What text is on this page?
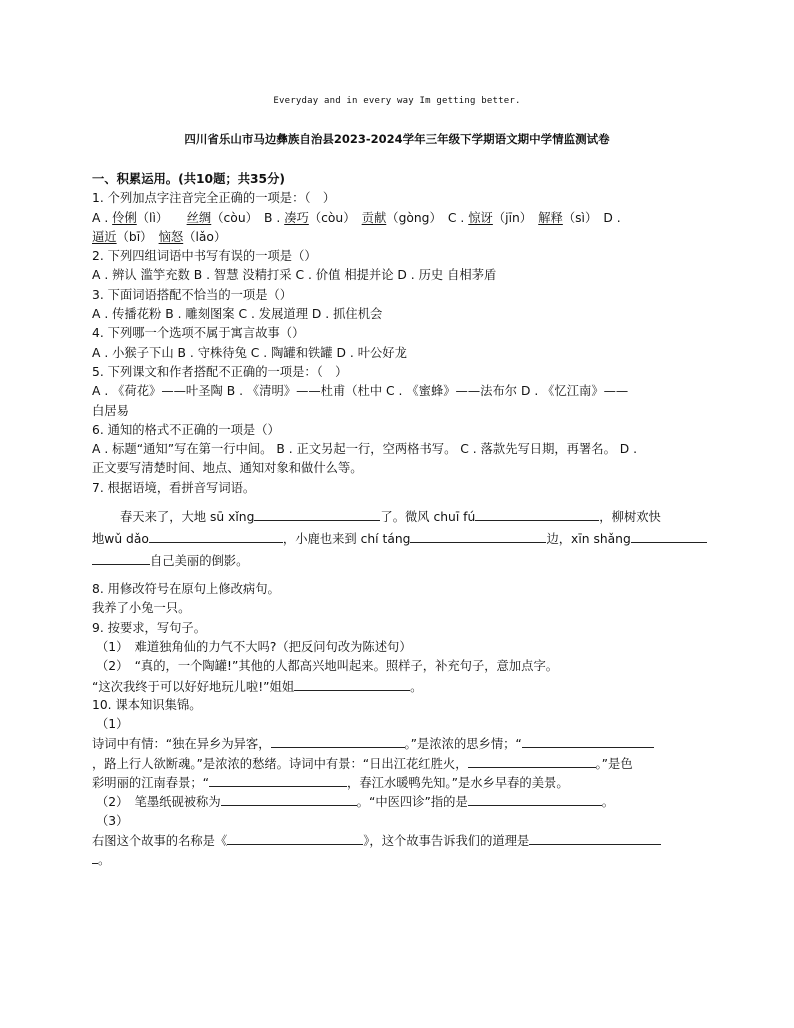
Everyday and in every way Im getting better.
四川省乐山市马边彝族自治县2023-2024学年三年级下学期语文期中学情监测试卷
一、积累运用。(共10题；共35分)
1. 个列加点字注音完全正确的一项是：（　）
A . 伶俐（lì）　　丝绸（còu）　B . 凑巧（còu）　贡献（gòng）　C . 惊讶（jīn）　解释（sì）　D .
逼近（bī）　恼怒（lǎo）
2. 下列四组词语中书写有误的一项是（）
A . 辨认 滥竽充数 B . 智慧 没精打采 C . 价值 相提并论 D . 历史 自相茅盾
3. 下面词语搭配不恰当的一项是（）
A . 传播花粉 B . 雕刻图案 C . 发展道理 D . 抓住机会
4. 下列哪一个选项不属于寓言故事（）
A . 小猴子下山 B . 守株待兔 C . 陶罐和铁罐 D . 叶公好龙
5. 下列课文和作者搭配不正确的一项是：（　）
A . 《荷花》——叶圣陶 B . 《清明》——杜甫（杜中 C . 《蜜蜂》——法布尔 D . 《忆江南》——
白居易
6. 通知的格式不正确的一项是（）
A . 标题“通知”写在第一行中间。 B . 正文另起一行，空两格书写。 C . 落款先写日期，再署名。 D .
正文要写清楚时间、地点、通知对象和做什么等。
7. 根据语境，看拼音写词语。
春天来了，大地 sū xǐng	了。微风 chuī fú	，柳树欢快
地wǔ dǎo	，小鹿也来到 chí táng	边，xīn shǎng
自己美丽的倒影。
8. 用修改符号在原句上修改病句。
我养了小兔一只。
9. 按要求，写句子。
（1）　难道独角仙的力气不大吗?（把反问句改为陈述句）
（2）　“真的，一个陶罐!”其他的人都高兴地叫起来。照样子，补充句子，意加点字。
“这次我终于可以好好地玩儿啦!”姐姐	。
10. 课本知识集锦。
（1）
诗词中有情：“独在异乡为异客，	。”是浓浓的思乡情；“
，路上行人欲断魂。”是浓浓的愁绪。诗词中有景：“日出江花红胜火，	。”是色
彩明丽的江南春景；“	，春江水暖鸭先知。”是水乡早春的美景。
（2）　笔墨纸砚被称为	。“中医四诊”指的是	。
（3）
右图这个故事的名称是《	》，这个故事告诉我们的道理是
。
